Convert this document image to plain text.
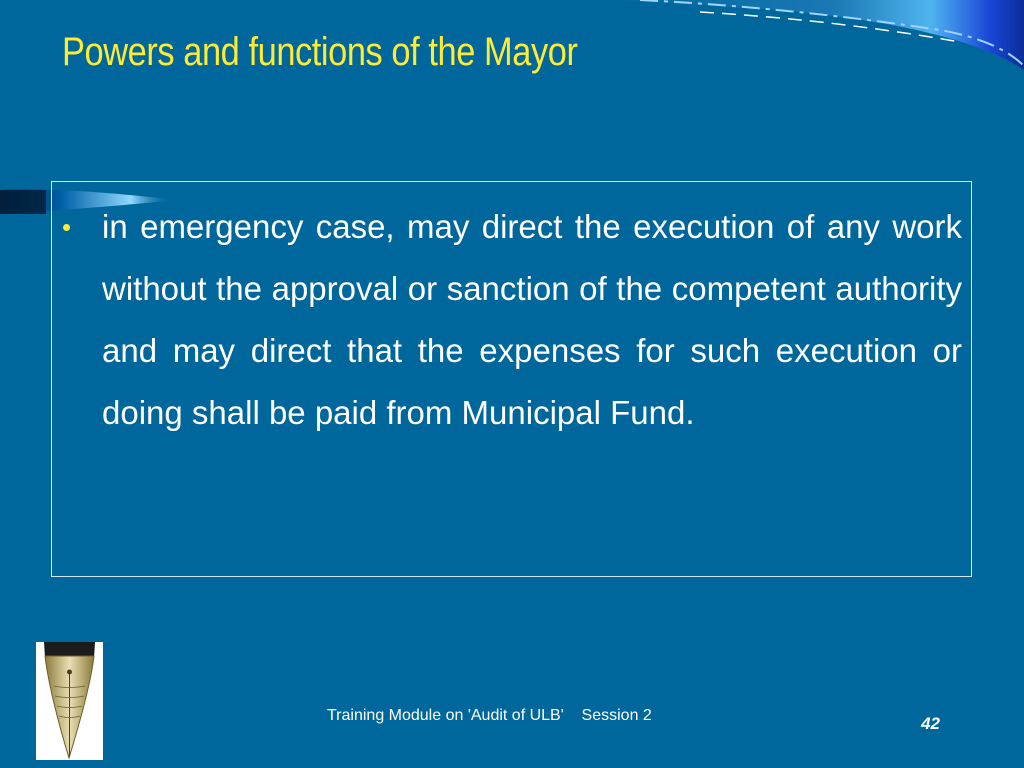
Powers and functions of the Mayor
• in emergency case, may direct the execution of any work without the approval or sanction of the competent authority and may direct that the expenses for such execution or doing shall be paid from Municipal Fund.

Training Module on 'Audit of ULB'    Session 2	42
